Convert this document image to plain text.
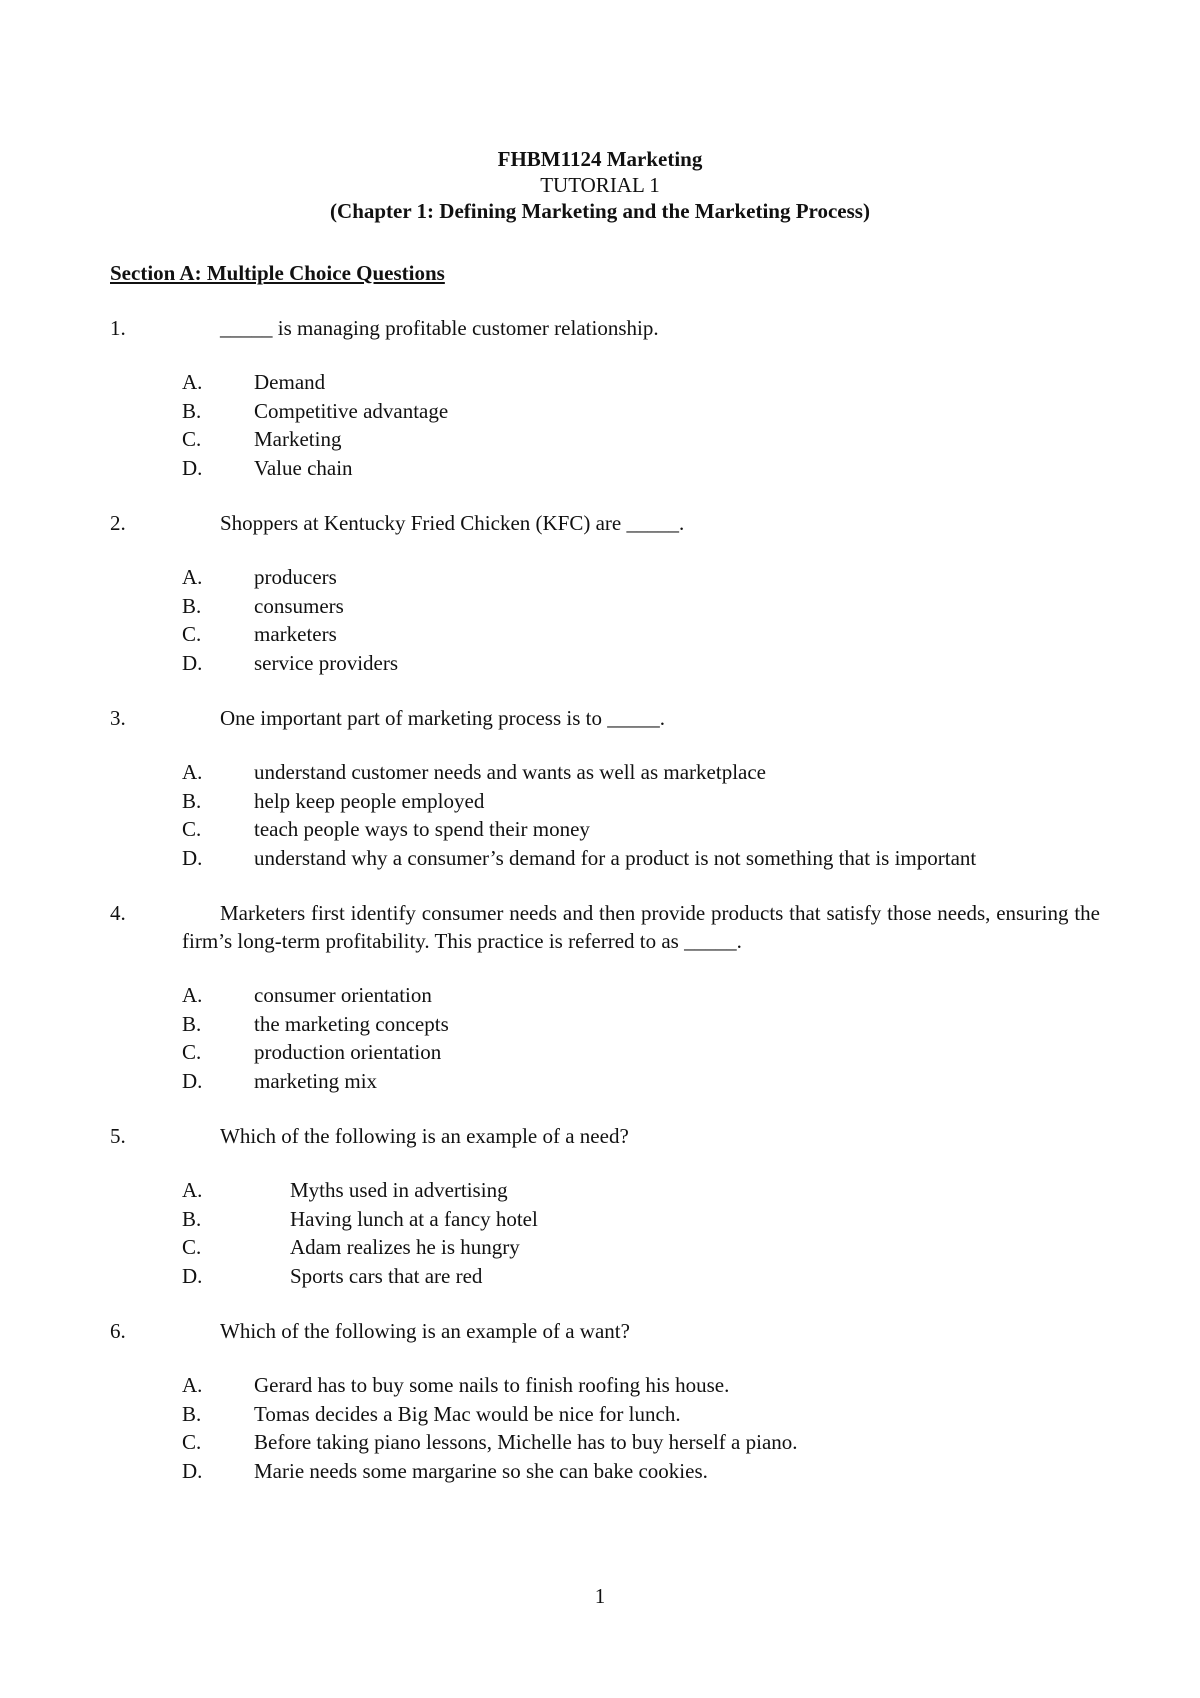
FHBM1124 Marketing
TUTORIAL 1
(Chapter 1: Defining Marketing and the Marketing Process)
Section A: Multiple Choice Questions
1.	_____ is managing profitable customer relationship.
A.	Demand
B.	Competitive advantage
C.	Marketing
D.	Value chain
2.	Shoppers at Kentucky Fried Chicken (KFC) are _____.
A.	producers
B.	consumers
C.	marketers
D.	service providers
3.	One important part of marketing process is to _____.
A.	understand customer needs and wants as well as marketplace
B.	help keep people employed
C.	teach people ways to spend their money
D.	understand why a consumer’s demand for a product is not something that is important
4.	Marketers first identify consumer needs and then provide products that satisfy those needs, ensuring the firm’s long-term profitability. This practice is referred to as _____.
A.	consumer orientation
B.	the marketing concepts
C.	production orientation
D.	marketing mix
5.	Which of the following is an example of a need?
A.	Myths used in advertising
B.	Having lunch at a fancy hotel
C.	Adam realizes he is hungry
D.	Sports cars that are red
6.	Which of the following is an example of a want?
A.	Gerard has to buy some nails to finish roofing his house.
B.	Tomas decides a Big Mac would be nice for lunch.
C.	Before taking piano lessons, Michelle has to buy herself a piano.
D.	Marie needs some margarine so she can bake cookies.
1
